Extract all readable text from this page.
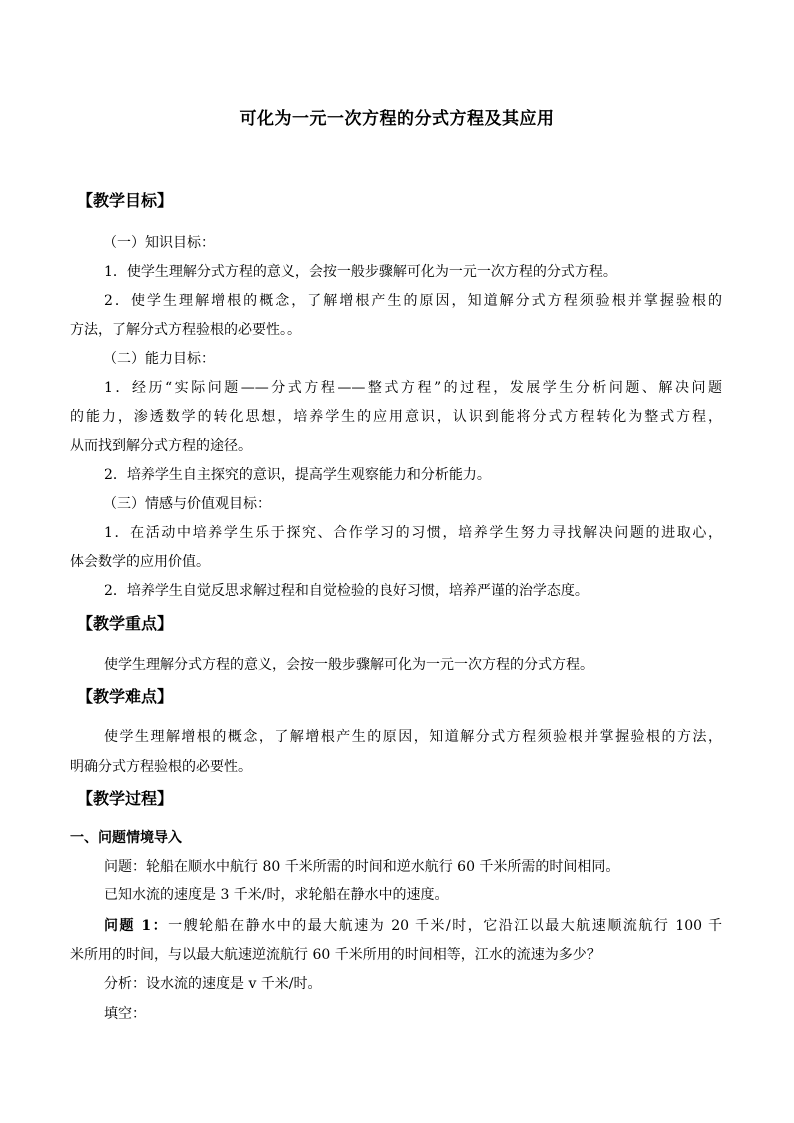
可化为一元一次方程的分式方程及其应用
【教学目标】
（一）知识目标：
1．使学生理解分式方程的意义，会按一般步骤解可化为一元一次方程的分式方程。
2．使学生理解增根的概念，了解增根产生的原因，知道解分式方程须验根并掌握验根的
方法，了解分式方程验根的必要性。。
（二）能力目标：
1．经历“实际问题——分式方程——整式方程”的过程，发展学生分析问题、解决问题
的能力，渗透数学的转化思想，培养学生的应用意识，认识到能将分式方程转化为整式方程，
从而找到解分式方程的途径。
2．培养学生自主探究的意识，提高学生观察能力和分析能力。
（三）情感与价值观目标：
1．在活动中培养学生乐于探究、合作学习的习惯，培养学生努力寻找解决问题的进取心，
体会数学的应用价值。
2．培养学生自觉反思求解过程和自觉检验的良好习惯，培养严谨的治学态度。
【教学重点】
使学生理解分式方程的意义，会按一般步骤解可化为一元一次方程的分式方程。
【教学难点】
使学生理解增根的概念，了解增根产生的原因，知道解分式方程须验根并掌握验根的方法，
明确分式方程验根的必要性。
【教学过程】
一、问题情境导入
问题：轮船在顺水中航行 80 千米所需的时间和逆水航行 60 千米所需的时间相同。
已知水流的速度是 3 千米/时，求轮船在静水中的速度。
问题 1：一艘轮船在静水中的最大航速为 20 千米/时，它沿江以最大航速顺流航行 100 千
米所用的时间，与以最大航速逆流航行 60 千米所用的时间相等，江水的流速为多少？
分析：设水流的速度是 v 千米/时。
填空：
